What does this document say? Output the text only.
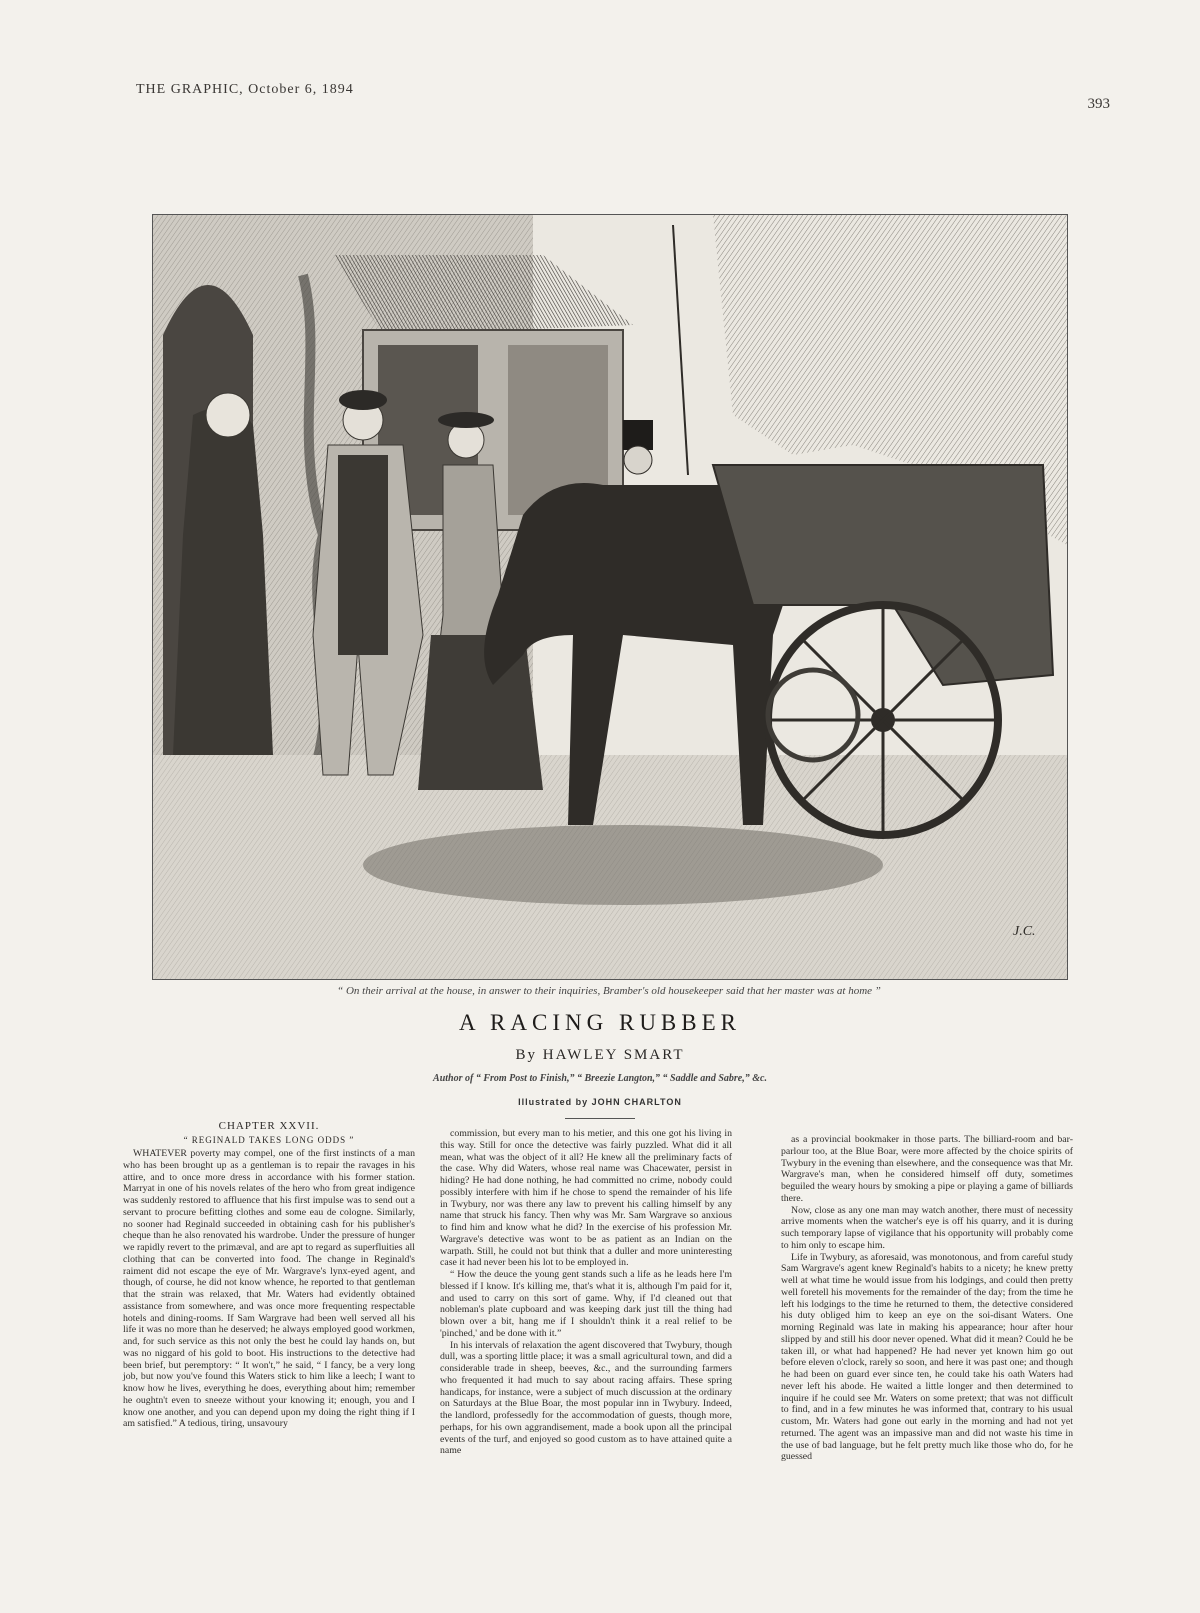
THE GRAPHIC, October 6, 1894
393
J.C.
“ On their arrival at the house, in answer to their inquiries, Bramber's old housekeeper said that her master was at home ”
A RACING RUBBER
By HAWLEY SMART
Author of “ From Post to Finish,” “ Breezie Langton,” “ Saddle and Sabre,” &c.
Illustrated by JOHN CHARLTON
CHAPTER XXVII.
“ REGINALD TAKES LONG ODDS ”

WHATEVER poverty may compel, one of the first instincts of a man who has been brought up as a gentleman is to repair the ravages in his attire, and to once more dress in accordance with his former station. Marryat in one of his novels relates of the hero who from great indigence was suddenly restored to affluence that his first impulse was to send out a servant to procure befitting clothes and some eau de cologne. Similarly, no sooner had Reginald succeeded in obtaining cash for his publisher's cheque than he also renovated his wardrobe. Under the pressure of hunger we rapidly revert to the primæval, and are apt to regard as superfluities all clothing that can be converted into food. The change in Reginald's raiment did not escape the eye of Mr. Wargrave's lynx-eyed agent, and though, of course, he did not know whence, he reported to that gentleman that the strain was relaxed, that Mr. Waters had evidently obtained assistance from somewhere, and was once more frequenting respectable hotels and dining-rooms. If Sam Wargrave had been well served all his life it was no more than he deserved; he always employed good workmen, and, for such service as this not only the best he could lay hands on, but was no niggard of his gold to boot. His instructions to the detective had been brief, but peremptory: “ It won't,” he said, “ I fancy, be a very long job, but now you've found this Waters stick to him like a leech; I want to know how he lives, everything he does, everything about him; remember he oughtn't even to sneeze without your knowing it; enough, you and I know one another, and you can depend upon my doing the right thing if I am satisfied.” A tedious, tiring, unsavoury

commission, but every man to his metier, and this one got his living in this way. Still for once the detective was fairly puzzled. What did it all mean, what was the object of it all? He knew all the preliminary facts of the case. Why did Waters, whose real name was Chacewater, persist in hiding? He had done nothing, he had committed no crime, nobody could possibly interfere with him if he chose to spend the remainder of his life in Twybury, nor was there any law to prevent his calling himself by any name that struck his fancy. Then why was Mr. Sam Wargrave so anxious to find him and know what he did? In the exercise of his profession Mr. Wargrave's detective was wont to be as patient as an Indian on the warpath. Still, he could not but think that a duller and more uninteresting case it had never been his lot to be employed in.

“ How the deuce the young gent stands such a life as he leads here I'm blessed if I know. It's killing me, that's what it is, although I'm paid for it, and used to carry on this sort of game. Why, if I'd cleaned out that nobleman's plate cupboard and was keeping dark just till the thing had blown over a bit, hang me if I shouldn't think it a real relief to be 'pinched,' and be done with it.”

In his intervals of relaxation the agent discovered that Twybury, though dull, was a sporting little place; it was a small agricultural town, and did a considerable trade in sheep, beeves, &c., and the surrounding farmers who frequented it had much to say about racing affairs. These spring handicaps, for instance, were a subject of much discussion at the ordinary on Saturdays at the Blue Boar, the most popular inn in Twybury. Indeed, the landlord, professedly for the accommodation of guests, though more, perhaps, for his own aggrandisement, made a book upon all the principal events of the turf, and enjoyed so good custom as to have attained quite a name

as a provincial bookmaker in those parts. The billiard-room and bar-parlour too, at the Blue Boar, were more affected by the choice spirits of Twybury in the evening than elsewhere, and the consequence was that Mr. Wargrave's man, when he considered himself off duty, sometimes beguiled the weary hours by smoking a pipe or playing a game of billiards there.

Now, close as any one man may watch another, there must of necessity arrive moments when the watcher's eye is off his quarry, and it is during such temporary lapse of vigilance that his opportunity will probably come to him only to escape him.

Life in Twybury, as aforesaid, was monotonous, and from careful study Sam Wargrave's agent knew Reginald's habits to a nicety; he knew pretty well at what time he would issue from his lodgings, and could then pretty well foretell his movements for the remainder of the day; from the time he left his lodgings to the time he returned to them, the detective considered his duty obliged him to keep an eye on the soi-disant Waters. One morning Reginald was late in making his appearance; hour after hour slipped by and still his door never opened. What did it mean? Could he be taken ill, or what had happened? He had never yet known him go out before eleven o'clock, rarely so soon, and here it was past one; and though he had been on guard ever since ten, he could take his oath Waters had never left his abode. He waited a little longer and then determined to inquire if he could see Mr. Waters on some pretext; that was not difficult to find, and in a few minutes he was informed that, contrary to his usual custom, Mr. Waters had gone out early in the morning and had not yet returned. The agent was an impassive man and did not waste his time in the use of bad language, but he felt pretty much like those who do, for he guessed
